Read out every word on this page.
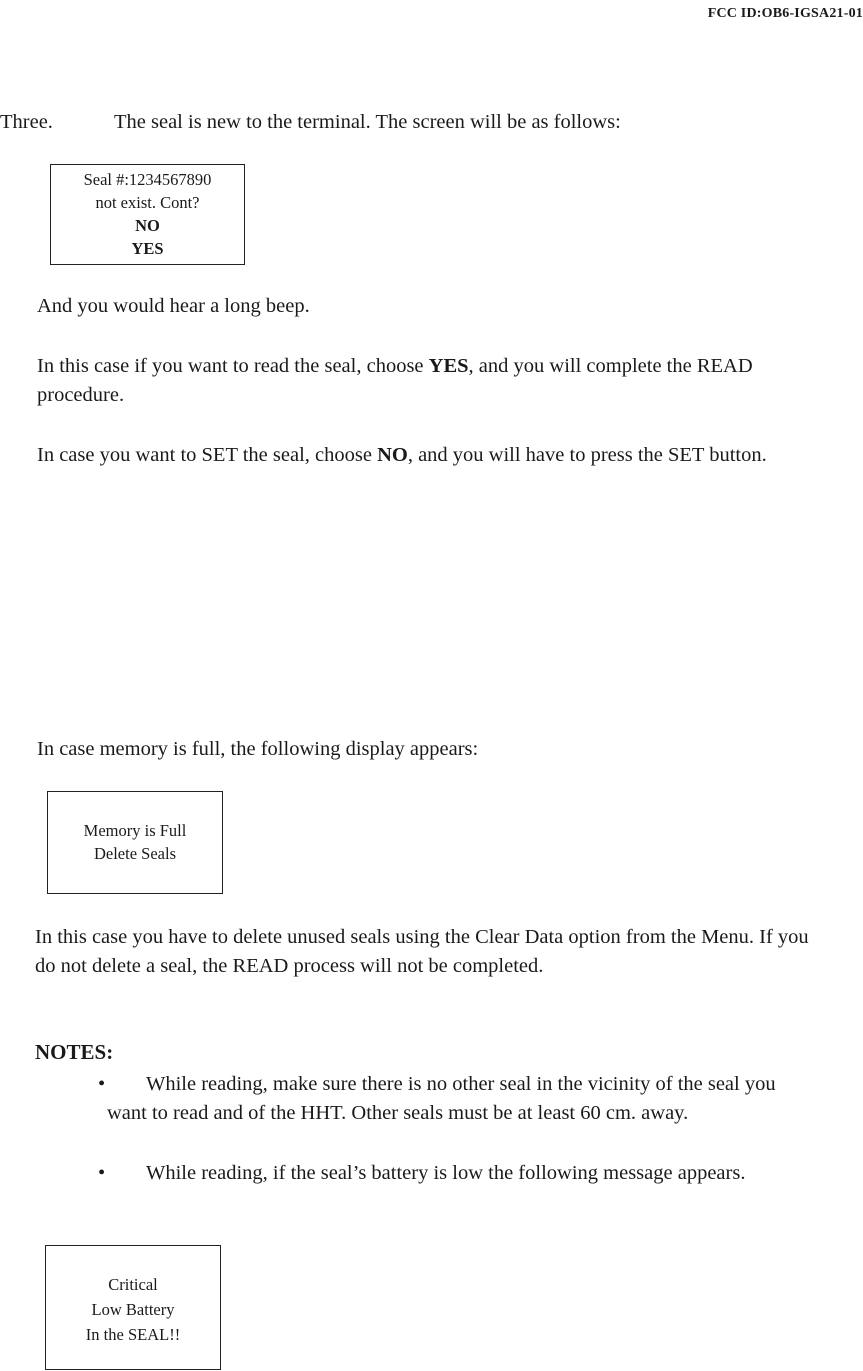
FCC ID:OB6-IGSA21-01
Three.	The seal is new to the terminal. The screen will be as follows:
Seal #:1234567890
not exist. Cont?
NO
YES
And you would hear a long beep.
In this case if you want to read the seal, choose YES, and you will complete the READ procedure.
In case you want to SET the seal, choose NO, and you will have to press the SET button.
In case memory is full, the following display appears:
Memory is Full
Delete Seals
In this case you have to delete unused seals using the Clear Data option from the Menu. If you do not delete a seal, the READ process will not be completed.
NOTES:
•	While reading, make sure there is no other seal in the vicinity of the seal you want to read and of the HHT. Other seals must be at least 60 cm. away.
•	While reading, if the seal’s battery is low the following message appears.
Critical
Low Battery
In the SEAL!!
